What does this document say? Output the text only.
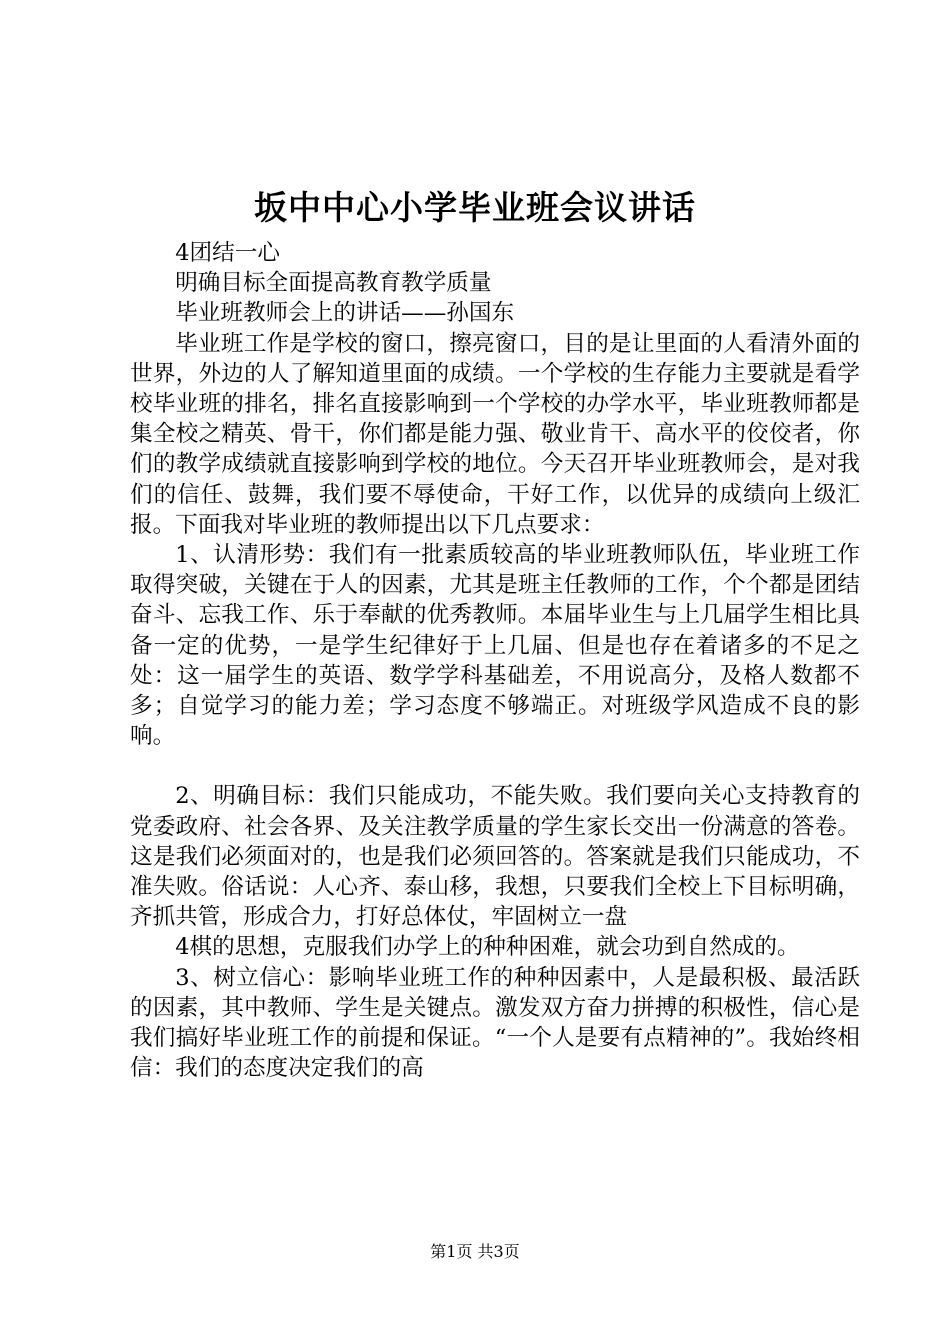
坂中中心小学毕业班会议讲话

4团结一心

明确目标全面提高教育教学质量

毕业班教师会上的讲话——孙国东

毕业班工作是学校的窗口，擦亮窗口，目的是让里面的人看清外面的世界，外边的人了解知道里面的成绩。一个学校的生存能力主要就是看学校毕业班的排名，排名直接影响到一个学校的办学水平，毕业班教师都是集全校之精英、骨干，你们都是能力强、敬业肯干、高水平的佼佼者，你们的教学成绩就直接影响到学校的地位。今天召开毕业班教师会，是对我们的信任、鼓舞，我们要不辱使命，干好工作，以优异的成绩向上级汇报。下面我对毕业班的教师提出以下几点要求：

1、认清形势：我们有一批素质较高的毕业班教师队伍，毕业班工作取得突破，关键在于人的因素，尤其是班主任教师的工作，个个都是团结奋斗、忘我工作、乐于奉献的优秀教师。本届毕业生与上几届学生相比具备一定的优势，一是学生纪律好于上几届、但是也存在着诸多的不足之处：这一届学生的英语、数学学科基础差，不用说高分，及格人数都不多；自觉学习的能力差；学习态度不够端正。对班级学风造成不良的影响。

2、明确目标：我们只能成功，不能失败。我们要向关心支持教育的党委政府、社会各界、及关注教学质量的学生家长交出一份满意的答卷。这是我们必须面对的，也是我们必须回答的。答案就是我们只能成功，不准失败。俗话说：人心齐、泰山移，我想，只要我们全校上下目标明确，齐抓共管，形成合力，打好总体仗，牢固树立一盘

4棋的思想，克服我们办学上的种种困难，就会功到自然成的。

3、树立信心：影响毕业班工作的种种因素中，人是最积极、最活跃的因素，其中教师、学生是关键点。激发双方奋力拼搏的积极性，信心是我们搞好毕业班工作的前提和保证。“一个人是要有点精神的”。我始终相信：我们的态度决定我们的高

第1页 共3页
